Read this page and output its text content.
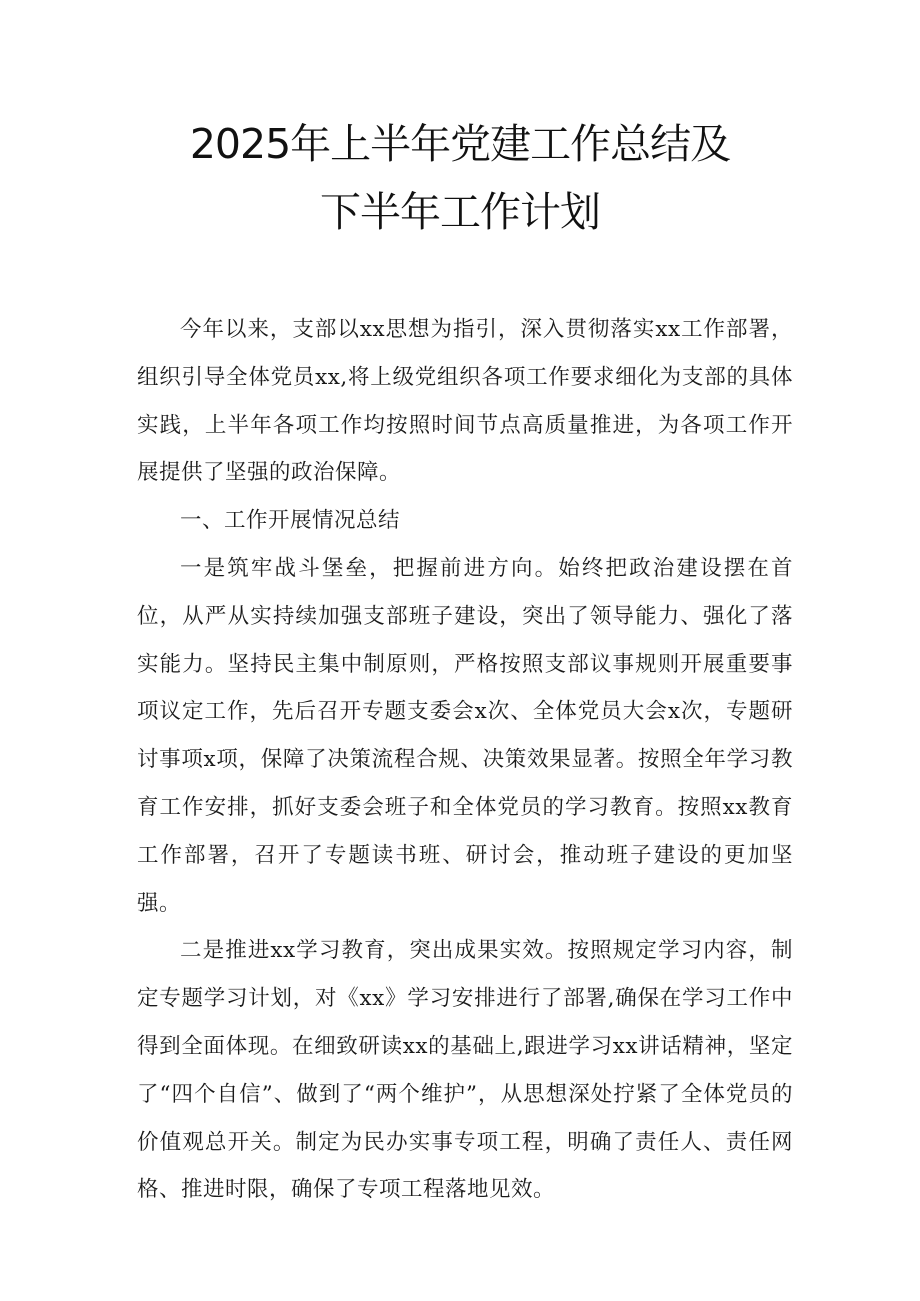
2025年上半年党建工作总结及
下半年工作计划

今年以来，支部以xx思想为指引，深入贯彻落实xx工作部署，组织引导全体党员xx,将上级党组织各项工作要求细化为支部的具体实践，上半年各项工作均按照时间节点高质量推进，为各项工作开展提供了坚强的政治保障。

一、工作开展情况总结

一是筑牢战斗堡垒，把握前进方向。始终把政治建设摆在首位，从严从实持续加强支部班子建设，突出了领导能力、强化了落实能力。坚持民主集中制原则，严格按照支部议事规则开展重要事项议定工作，先后召开专题支委会x次、全体党员大会x次，专题研讨事项x项，保障了决策流程合规、决策效果显著。按照全年学习教育工作安排，抓好支委会班子和全体党员的学习教育。按照xx教育工作部署，召开了专题读书班、研讨会，推动班子建设的更加坚强。

二是推进xx学习教育，突出成果实效。按照规定学习内容，制定专题学习计划，对《xx》学习安排进行了部署,确保在学习工作中得到全面体现。在细致研读xx的基础上,跟进学习xx讲话精神，坚定了“四个自信”、做到了“两个维护”，从思想深处拧紧了全体党员的价值观总开关。制定为民办实事专项工程，明确了责任人、责任网格、推进时限，确保了专项工程落地见效。
